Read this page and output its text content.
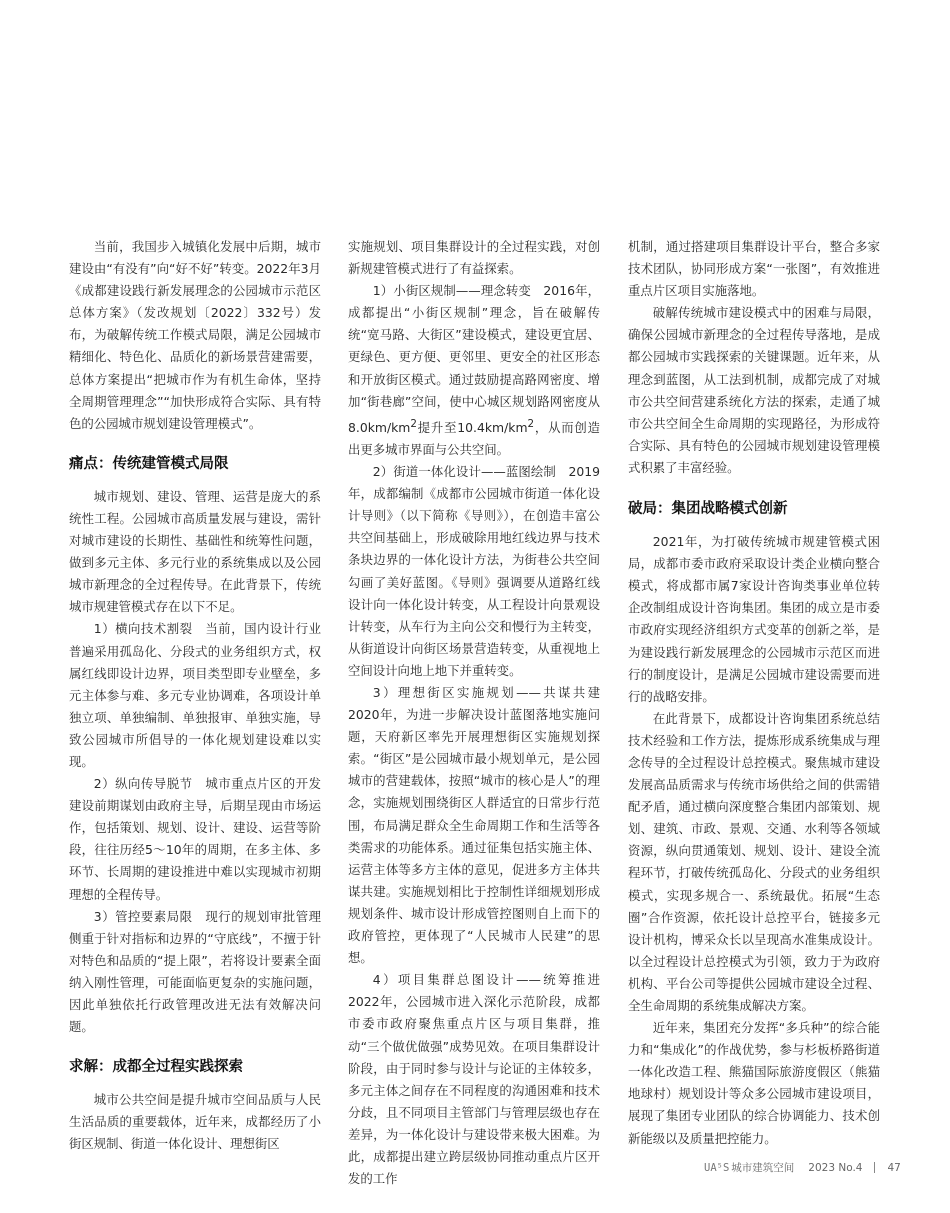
当前，我国步入城镇化发展中后期，城市建设由“有没有”向“好不好”转变。2022年3月《成都建设践行新发展理念的公园城市示范区总体方案》（发改规划〔2022〕332号）发布，为破解传统工作模式局限，满足公园城市精细化、特色化、品质化的新场景营建需要，总体方案提出“把城市作为有机生命体，坚持全周期管理理念”“加快形成符合实际、具有特色的公园城市规划建设管理模式”。

痛点：传统建管模式局限

城市规划、建设、管理、运营是庞大的系统性工程。公园城市高质量发展与建设，需针对城市建设的长期性、基础性和统筹性问题，做到多元主体、多元行业的系统集成以及公园城市新理念的全过程传导。在此背景下，传统城市规建管模式存在以下不足。

1）横向技术割裂　当前，国内设计行业普遍采用孤岛化、分段式的业务组织方式，权属红线即设计边界，项目类型即专业壁垒，多元主体参与难、多元专业协调难，各项设计单独立项、单独编制、单独报审、单独实施，导致公园城市所倡导的一体化规划建设难以实现。

2）纵向传导脱节　城市重点片区的开发建设前期谋划由政府主导，后期呈现由市场运作，包括策划、规划、设计、建设、运营等阶段，往往历经5～10年的周期，在多主体、多环节、长周期的建设推进中难以实现城市初期理想的全程传导。

3）管控要素局限　现行的规划审批管理侧重于针对指标和边界的“守底线”，不擅于针对特色和品质的“提上限”，若将设计要素全面纳入刚性管理，可能面临更复杂的实施问题，因此单独依托行政管理改进无法有效解决问题。

求解：成都全过程实践探索

城市公共空间是提升城市空间品质与人民生活品质的重要载体，近年来，成都经历了小街区规制、街道一体化设计、理想街区

实施规划、项目集群设计的全过程实践，对创新规建管模式进行了有益探索。

1）小街区规制——理念转变　2016年，成都提出“小街区规制”理念，旨在破解传统“宽马路、大街区”建设模式，建设更宜居、更绿色、更方便、更邻里、更安全的社区形态和开放街区模式。通过鼓励提高路网密度、增加“街巷廊”空间，使中心城区规划路网密度从$8.0km/km^2$提升至$10.4km/km^2$，从而创造出更多城市界面与公共空间。

2）街道一体化设计——蓝图绘制　2019年，成都编制《成都市公园城市街道一体化设计导则》（以下简称《导则》），在创造丰富公共空间基础上，形成破除用地红线边界与技术条块边界的一体化设计方法，为街巷公共空间勾画了美好蓝图。《导则》强调要从道路红线设计向一体化设计转变，从工程设计向景观设计转变，从车行为主向公交和慢行为主转变，从街道设计向街区场景营造转变，从重视地上空间设计向地上地下并重转变。

3）理想街区实施规划——共谋共建　2020年，为进一步解决设计蓝图落地实施问题，天府新区率先开展理想街区实施规划探索。“街区”是公园城市最小规划单元，是公园城市的营建载体，按照“城市的核心是人”的理念，实施规划围绕街区人群适宜的日常步行范围，布局满足群众全生命周期工作和生活等各类需求的功能体系。通过征集包括实施主体、运营主体等多方主体的意见，促进多方主体共谋共建。实施规划相比于控制性详细规划形成规划条件、城市设计形成管控图则自上而下的政府管控，更体现了“人民城市人民建”的思想。

4）项目集群总图设计——统筹推进　2022年，公园城市进入深化示范阶段，成都市委市政府聚焦重点片区与项目集群，推动“三个做优做强”成势见效。在项目集群设计阶段，由于同时参与设计与论证的主体较多，多元主体之间存在不同程度的沟通困难和技术分歧，且不同项目主管部门与管理层级也存在差异，为一体化设计与建设带来极大困难。为此，成都提出建立跨层级协同推动重点片区开发的工作

机制，通过搭建项目集群设计平台，整合多家技术团队，协同形成方案“一张图”，有效推进重点片区项目实施落地。

破解传统城市建设模式中的困难与局限，确保公园城市新理念的全过程传导落地，是成都公园城市实践探索的关键课题。近年来，从理念到蓝图，从工法到机制，成都完成了对城市公共空间营建系统化方法的探索，走通了城市公共空间全生命周期的实现路径，为形成符合实际、具有特色的公园城市规划建设管理模式积累了丰富经验。

破局：集团战略模式创新

2021年，为打破传统城市规建管模式困局，成都市委市政府采取设计类企业横向整合模式，将成都市属7家设计咨询类事业单位转企改制组成设计咨询集团。集团的成立是市委市政府实现经济组织方式变革的创新之举，是为建设践行新发展理念的公园城市示范区而进行的制度设计，是满足公园城市建设需要而进行的战略安排。

在此背景下，成都设计咨询集团系统总结技术经验和工作方法，提炼形成系统集成与理念传导的全过程设计总控模式。聚焦城市建设发展高品质需求与传统市场供给之间的供需错配矛盾，通过横向深度整合集团内部策划、规划、建筑、市政、景观、交通、水利等各领域资源，纵向贯通策划、规划、设计、建设全流程环节，打破传统孤岛化、分段式的业务组织模式，实现多规合一、系统最优。拓展“生态圈”合作资源，依托设计总控平台，链接多元设计机构，博采众长以呈现高水准集成设计。以全过程设计总控模式为引领，致力于为政府机构、平台公司等提供公园城市建设全过程、全生命周期的系统集成解决方案。

近年来，集团充分发挥“多兵种”的综合能力和“集成化”的作战优势，参与杉板桥路街道一体化改造工程、熊猫国际旅游度假区（熊猫地球村）规划设计等众多公园城市建设项目，展现了集团专业团队的综合协调能力、技术创新能级以及质量把控能力。

UA⁵S 城市建筑空间 2023 No.4 47
